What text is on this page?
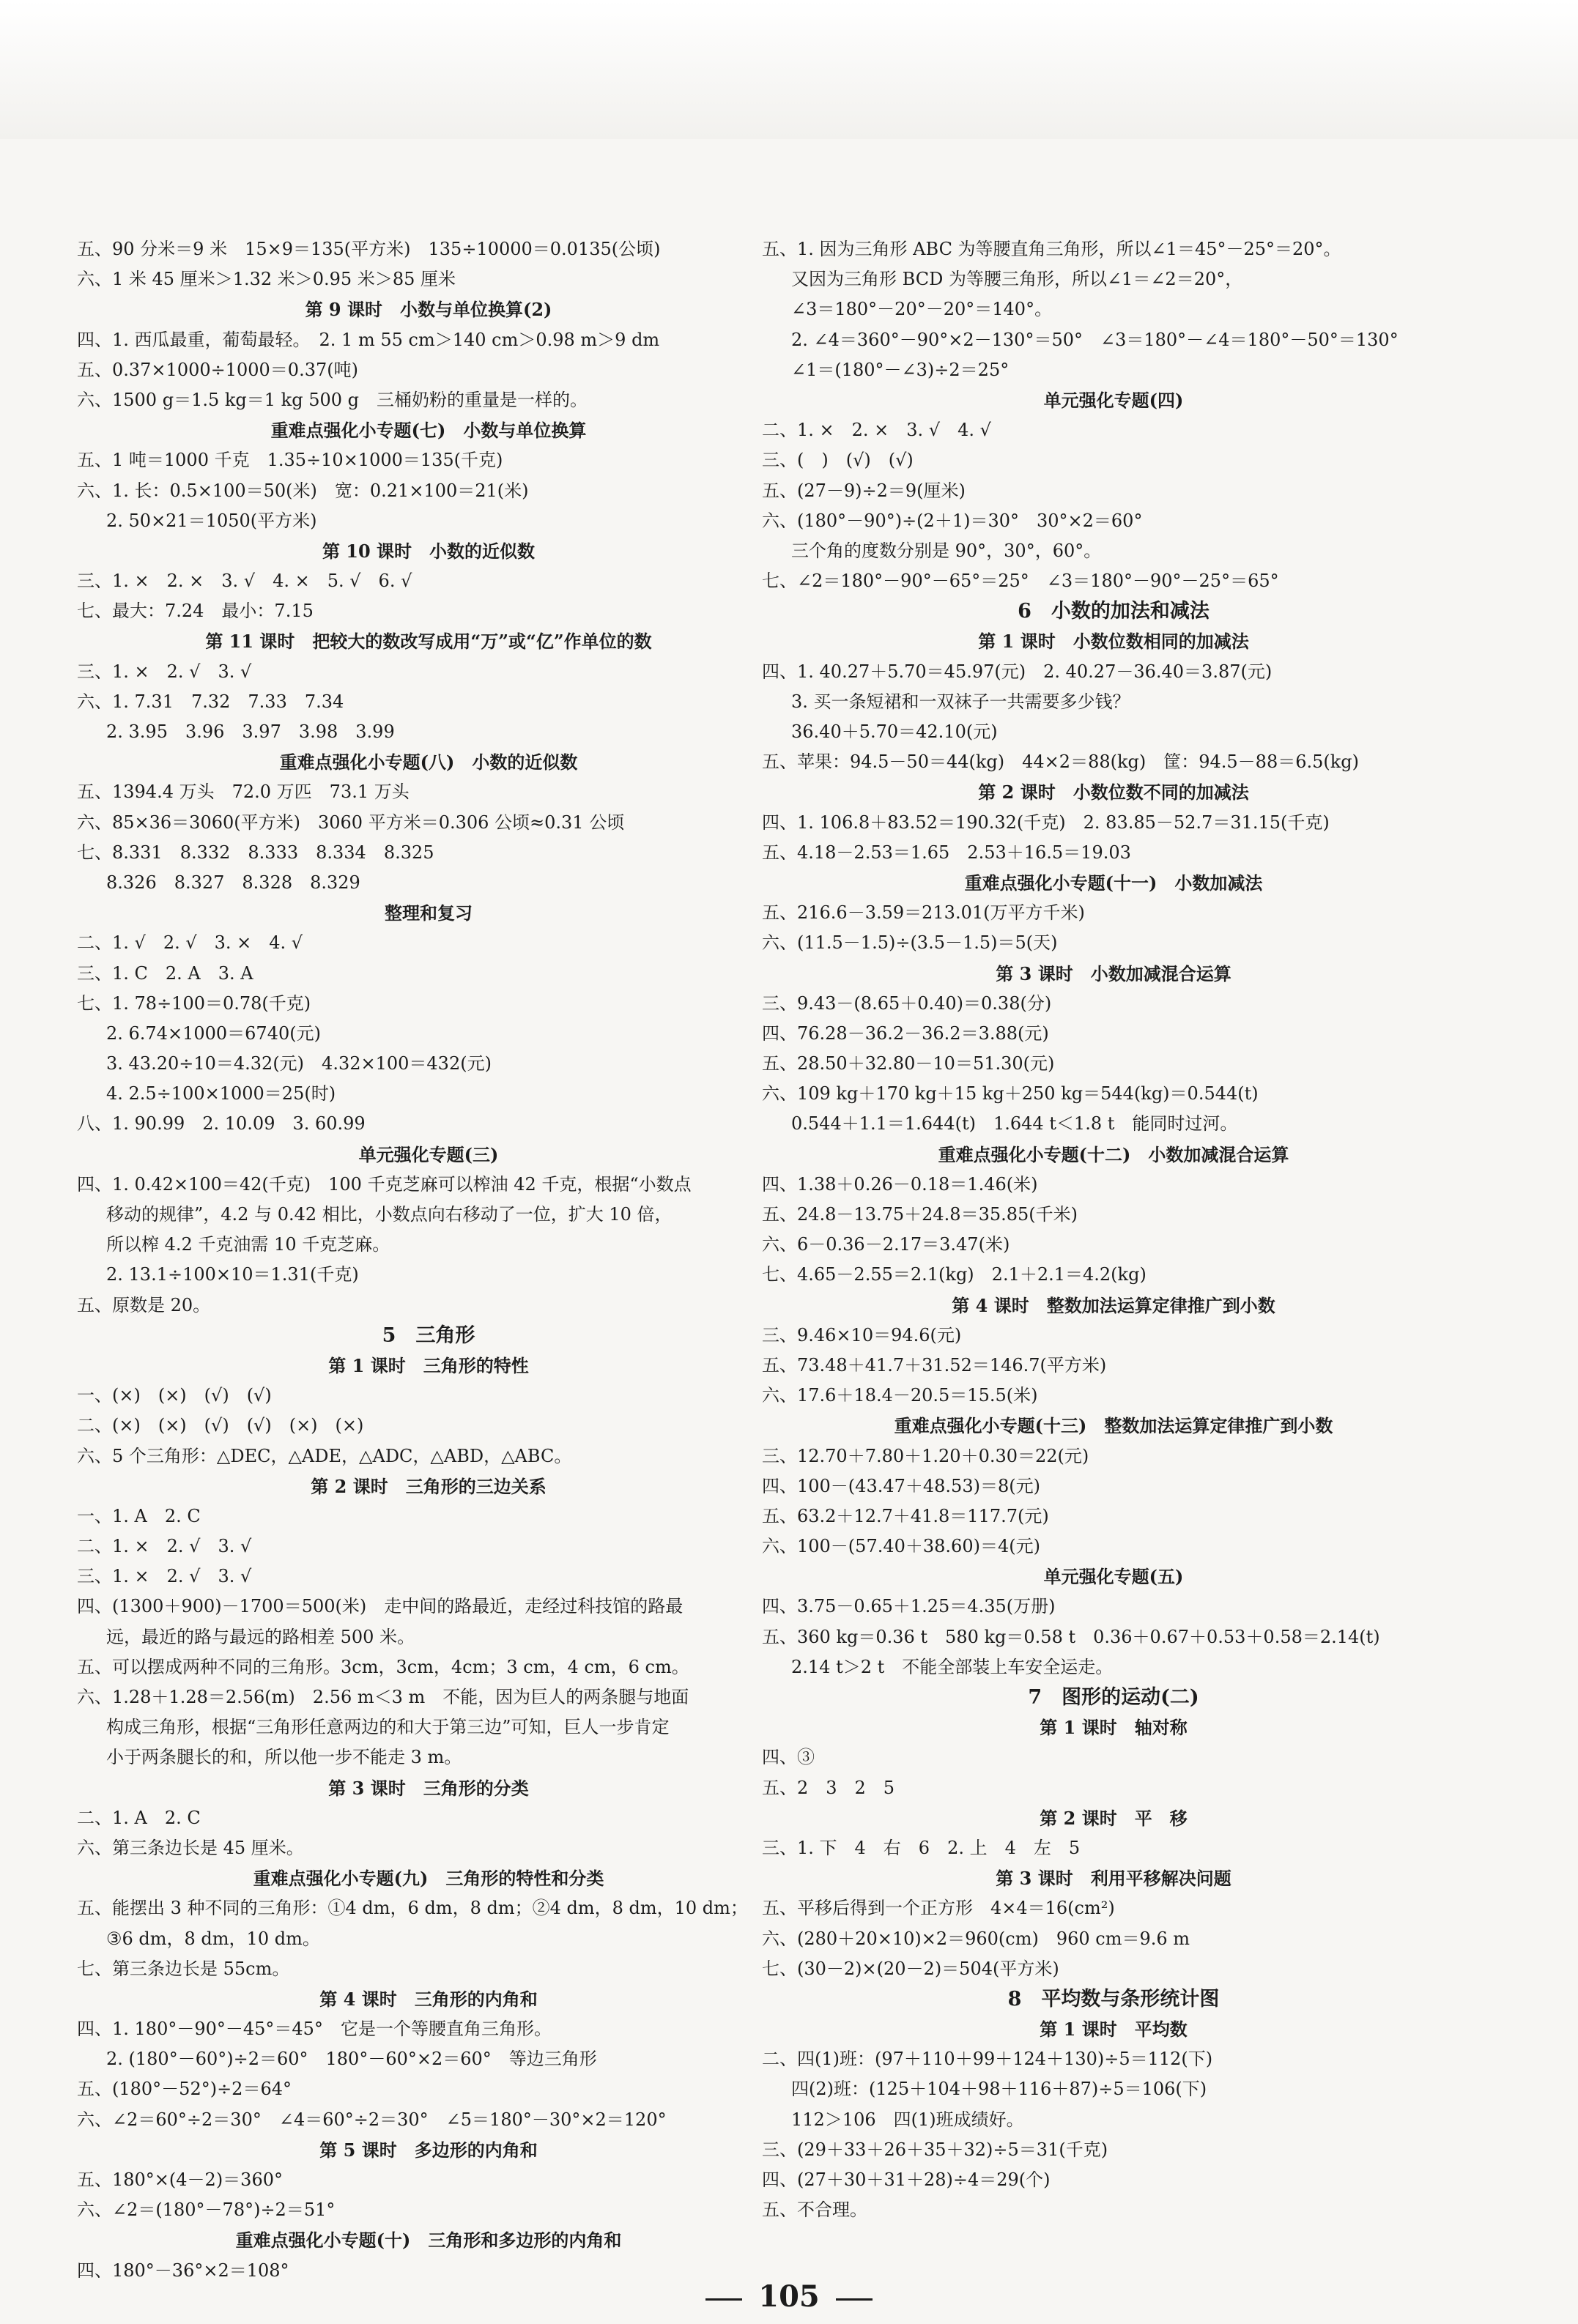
五、90 分米＝9 米　15×9＝135(平方米)　135÷10000＝0.0135(公顷)
六、1 米 45 厘米＞1.32 米＞0.95 米＞85 厘米
第 9 课时　小数与单位换算(2)
四、1. 西瓜最重，葡萄最轻。　2. 1 m 55 cm＞140 cm＞0.98 m＞9 dm
五、0.37×1000÷1000＝0.37(吨)
六、1500 g＝1.5 kg＝1 kg 500 g　三桶奶粉的重量是一样的。
重难点强化小专题(七)　小数与单位换算
五、1 吨＝1000 千克　1.35÷10×1000＝135(千克)
六、1. 长：0.5×100＝50(米)　宽：0.21×100＝21(米)
2. 50×21＝1050(平方米)
第 10 课时　小数的近似数
三、1. ×　2. ×　3. √　4. ×　5. √　6. √
七、最大：7.24　最小：7.15
第 11 课时　把较大的数改写成用“万”或“亿”作单位的数
三、1. ×　2. √　3. √
六、1. 7.31　7.32　7.33　7.34
2. 3.95　3.96　3.97　3.98　3.99
重难点强化小专题(八)　小数的近似数
五、1394.4 万头　72.0 万匹　73.1 万头
六、85×36＝3060(平方米)　3060 平方米＝0.306 公顷≈0.31 公顷
七、8.331　8.332　8.333　8.334　8.325
8.326　8.327　8.328　8.329
整理和复习
二、1. √　2. √　3. ×　4. √
三、1. C　2. A　3. A
七、1. 78÷100＝0.78(千克)
2. 6.74×1000＝6740(元)
3. 43.20÷10＝4.32(元)　4.32×100＝432(元)
4. 2.5÷100×1000＝25(时)
八、1. 90.99　2. 10.09　3. 60.99
单元强化专题(三)
四、1. 0.42×100＝42(千克)　100 千克芝麻可以榨油 42 千克，根据“小数点
移动的规律”，4.2 与 0.42 相比，小数点向右移动了一位，扩大 10 倍，
所以榨 4.2 千克油需 10 千克芝麻。
2. 13.1÷100×10＝1.31(千克)
五、原数是 20。
5　三角形
第 1 课时　三角形的特性
一、(×)　(×)　(√)　(√)
二、(×)　(×)　(√)　(√)　(×)　(×)
六、5 个三角形：△DEC，△ADE，△ADC，△ABD，△ABC。
第 2 课时　三角形的三边关系
一、1. A　2. C
二、1. ×　2. √　3. √
三、1. ×　2. √　3. √
四、(1300＋900)－1700＝500(米)　走中间的路最近，走经过科技馆的路最
远，最近的路与最远的路相差 500 米。
五、可以摆成两种不同的三角形。3cm，3cm，4cm；3 cm，4 cm，6 cm。
六、1.28＋1.28＝2.56(m)　2.56 m＜3 m　不能，因为巨人的两条腿与地面
构成三角形，根据“三角形任意两边的和大于第三边”可知，巨人一步肯定
小于两条腿长的和，所以他一步不能走 3 m。
第 3 课时　三角形的分类
二、1. A　2. C
六、第三条边长是 45 厘米。
重难点强化小专题(九)　三角形的特性和分类
五、能摆出 3 种不同的三角形：①4 dm，6 dm，8 dm；②4 dm，8 dm，10 dm；
③6 dm，8 dm，10 dm。
七、第三条边长是 55cm。
第 4 课时　三角形的内角和
四、1. 180°－90°－45°＝45°　它是一个等腰直角三角形。
2. (180°－60°)÷2＝60°　180°－60°×2＝60°　等边三角形
五、(180°－52°)÷2＝64°
六、∠2＝60°÷2＝30°　∠4＝60°÷2＝30°　∠5＝180°－30°×2＝120°
第 5 课时　多边形的内角和
五、180°×(4－2)＝360°
六、∠2＝(180°－78°)÷2＝51°
重难点强化小专题(十)　三角形和多边形的内角和
四、180°－36°×2＝108°
五、1. 因为三角形 ABC 为等腰直角三角形，所以∠1＝45°－25°＝20°。
又因为三角形 BCD 为等腰三角形，所以∠1＝∠2＝20°，
∠3＝180°－20°－20°＝140°。
2. ∠4＝360°－90°×2－130°＝50°　∠3＝180°－∠4＝180°－50°＝130°
∠1＝(180°－∠3)÷2＝25°
单元强化专题(四)
二、1. ×　2. ×　3. √　4. √
三、(　)　(√)　(√)
五、(27－9)÷2＝9(厘米)
六、(180°－90°)÷(2＋1)＝30°　30°×2＝60°
三个角的度数分别是 90°，30°，60°。
七、∠2＝180°－90°－65°＝25°　∠3＝180°－90°－25°＝65°
6　小数的加法和减法
第 1 课时　小数位数相同的加减法
四、1. 40.27＋5.70＝45.97(元)　2. 40.27－36.40＝3.87(元)
3. 买一条短裙和一双袜子一共需要多少钱？
36.40＋5.70＝42.10(元)
五、苹果：94.5－50＝44(kg)　44×2＝88(kg)　筐：94.5－88＝6.5(kg)
第 2 课时　小数位数不同的加减法
四、1. 106.8＋83.52＝190.32(千克)　2. 83.85－52.7＝31.15(千克)
五、4.18－2.53＝1.65　2.53＋16.5＝19.03
重难点强化小专题(十一)　小数加减法
五、216.6－3.59＝213.01(万平方千米)
六、(11.5－1.5)÷(3.5－1.5)＝5(天)
第 3 课时　小数加减混合运算
三、9.43－(8.65＋0.40)＝0.38(分)
四、76.28－36.2－36.2＝3.88(元)
五、28.50＋32.80－10＝51.30(元)
六、109 kg＋170 kg＋15 kg＋250 kg＝544(kg)＝0.544(t)
0.544＋1.1＝1.644(t)　1.644 t＜1.8 t　能同时过河。
重难点强化小专题(十二)　小数加减混合运算
四、1.38＋0.26－0.18＝1.46(米)
五、24.8－13.75＋24.8＝35.85(千米)
六、6－0.36－2.17＝3.47(米)
七、4.65－2.55＝2.1(kg)　2.1＋2.1＝4.2(kg)
第 4 课时　整数加法运算定律推广到小数
三、9.46×10＝94.6(元)
五、73.48＋41.7＋31.52＝146.7(平方米)
六、17.6＋18.4－20.5＝15.5(米)
重难点强化小专题(十三)　整数加法运算定律推广到小数
三、12.70＋7.80＋1.20＋0.30＝22(元)
四、100－(43.47＋48.53)＝8(元)
五、63.2＋12.7＋41.8＝117.7(元)
六、100－(57.40＋38.60)＝4(元)
单元强化专题(五)
四、3.75－0.65＋1.25＝4.35(万册)
五、360 kg＝0.36 t　580 kg＝0.58 t　0.36＋0.67＋0.53＋0.58＝2.14(t)
2.14 t＞2 t　不能全部装上车安全运走。
7　图形的运动(二)
第 1 课时　轴对称
四、③
五、2　3　2　5
第 2 课时　平　移
三、1. 下　4　右　6　2. 上　4　左　5
第 3 课时　利用平移解决问题
五、平移后得到一个正方形　4×4＝16(cm²)
六、(280＋20×10)×2＝960(cm)　960 cm＝9.6 m
七、(30－2)×(20－2)＝504(平方米)
8　平均数与条形统计图
第 1 课时　平均数
二、四(1)班：(97＋110＋99＋124＋130)÷5＝112(下)
四(2)班：(125＋104＋98＋116＋87)÷5＝106(下)
112＞106　四(1)班成绩好。
三、(29＋33＋26＋35＋32)÷5＝31(千克)
四、(27＋30＋31＋28)÷4＝29(个)
五、不合理。
105
